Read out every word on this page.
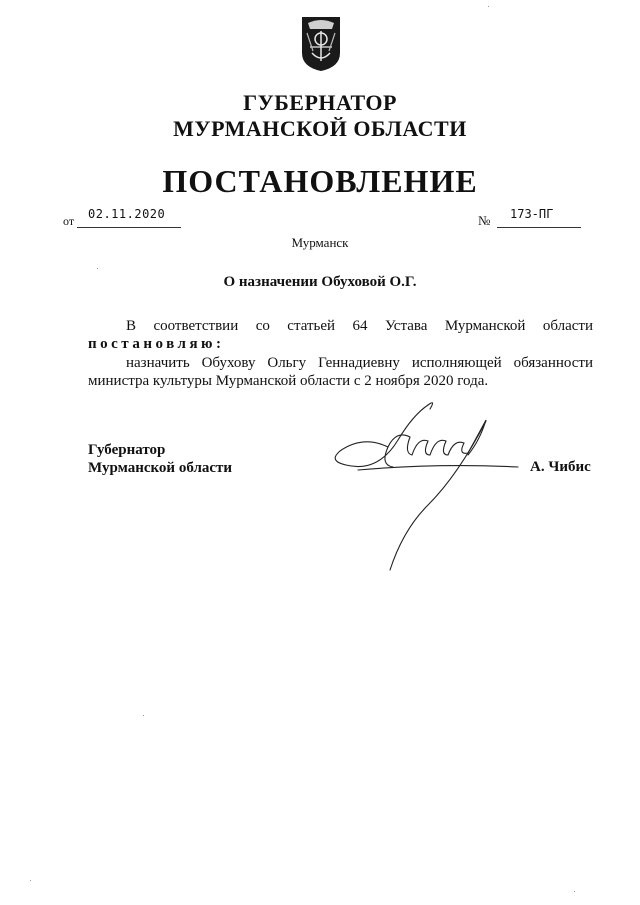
ГУБЕРНАТОР
МУРМАНСКОЙ ОБЛАСТИ
ПОСТАНОВЛЕНИЕ
от 02.11.2020	№ 173-ПГ
Мурманск
О назначении Обуховой О.Г.
В соответствии со статьей 64 Устава Мурманской области
постановляю:
назначить Обухову Ольгу Геннадиевну исполняющей обязанности министра культуры Мурманской области с 2 ноября 2020 года.
Губернатор
Мурманской области	А. Чибис
